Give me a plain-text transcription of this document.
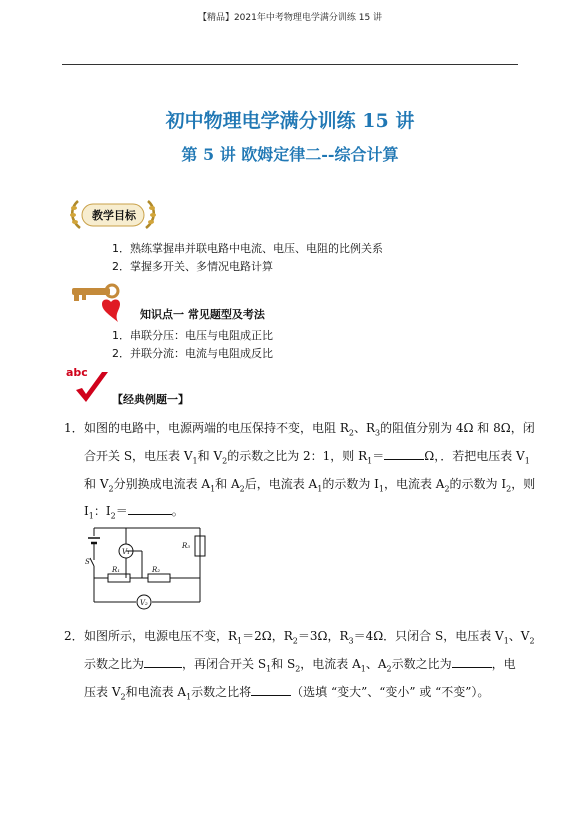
【精品】2021年中考物理电学满分训练 15 讲
初中物理电学满分训练 15 讲
第 5 讲 欧姆定律二--综合计算
教学目标
1．熟练掌握串并联电路中电流、电压、电阻的比例关系
2．掌握多开关、多情况电路计算
知识点一 常见题型及考法
1．串联分压：电压与电阻成正比
2．并联分流：电流与电阻成反比
abc
【经典例题一】
1． 如图的电路中，电源两端的电压保持不变，电阻 $R_2$、$R_3$的阻值分别为 4Ω 和 8Ω，闭
合开关 S，电压表 $V_1$和 $V_2$的示数之比为 2：1，则 $R_1=$	Ω，．若把电压表 $V_1$
和 $V_2$分别换成电流表 $A_1$和 $A_2$后，电流表 $A_1$的示数为 $I_1$，电流表 $A_2$的示数为 $I_2$，则
$I_1$：$I_2=$	。
V₁
V₂
S
R₁	R₂
R₃
2． 如图所示，电源电压不变，$R_1=2\Omega$，$R_2=3\Omega$，$R_3=4\Omega$．只闭合 S，电压表 $V_1$、$V_2$
示数之比为	，再闭合开关 $S_1$和 $S_2$，电流表 $A_1$、$A_2$示数之比为	，电
压表 $V_2$和电流表 $A_1$示数之比将	（选填 “变大”、“变小” 或 “不变”）。
